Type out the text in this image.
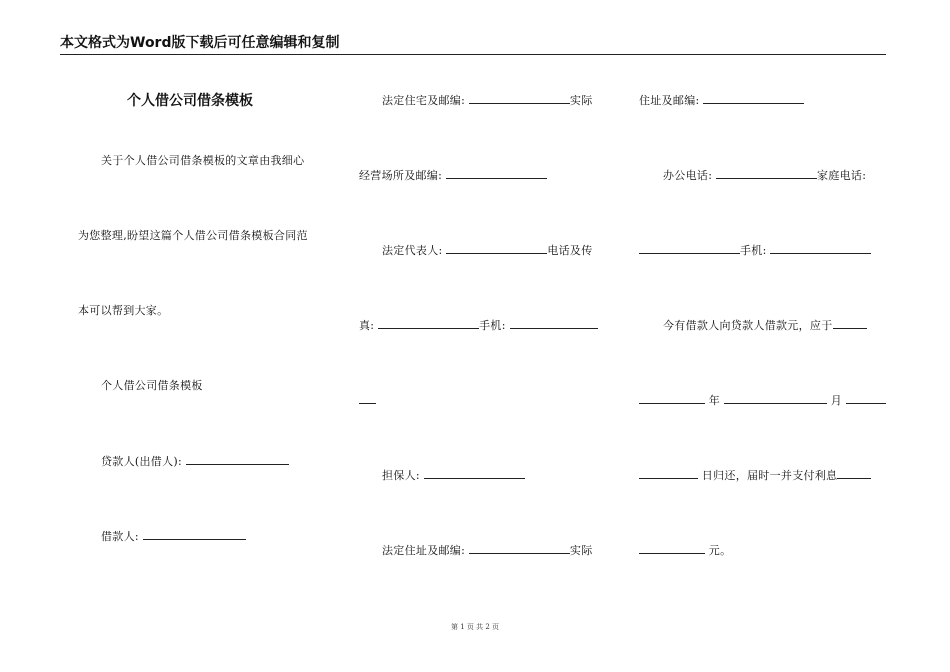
本文格式为Word版下载后可任意编辑和复制
个人借公司借条模板
关于个人借公司借条模板的文章由我细心
为您整理,盼望这篇个人借公司借条模板合同范
本可以帮到大家。
个人借公司借条模板
贷款人(出借人):
借款人:
法定住宅及邮编:	实际
经营场所及邮编:
法定代表人:	电话及传
真:	手机:
担保人:
法定住址及邮编:	实际
住址及邮编:
办公电话:	家庭电话:
手机:
今有借款人向贷款人借款元，应于
年	月
日归还，届时一并支付利息
元。
第 1 页 共 2 页
